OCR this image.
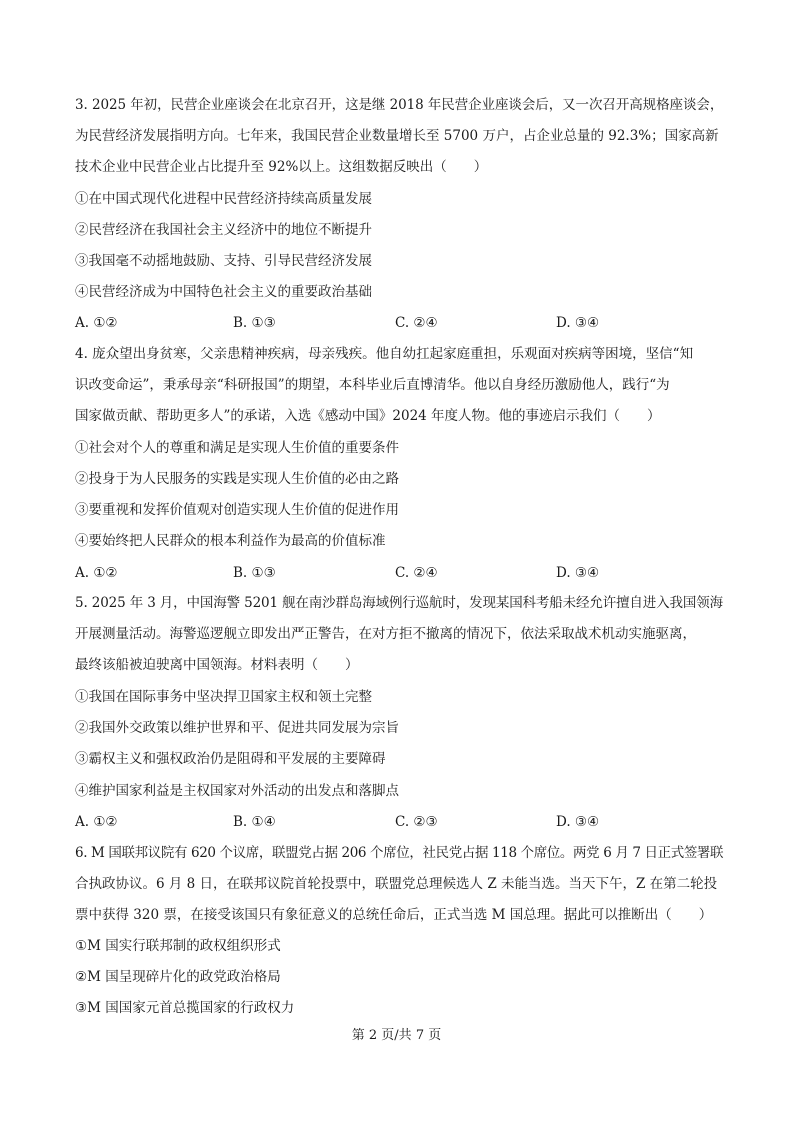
3. 2025 年初，民营企业座谈会在北京召开，这是继 2018 年民营企业座谈会后，又一次召开高规格座谈会，
为民营经济发展指明方向。七年来，我国民营企业数量增长至 5700 万户，占企业总量的 92.3%；国家高新
技术企业中民营企业占比提升至 92%以上。这组数据反映出（　　）
①在中国式现代化进程中民营经济持续高质量发展
②民营经济在我国社会主义经济中的地位不断提升
③我国毫不动摇地鼓励、支持、引导民营经济发展
④民营经济成为中国特色社会主义的重要政治基础
A. ①②	B. ①③	C. ②④	D. ③④
4. 庞众望出身贫寒，父亲患精神疾病，母亲残疾。他自幼扛起家庭重担，乐观面对疾病等困境，坚信“知
识改变命运”，秉承母亲“科研报国”的期望，本科毕业后直博清华。他以自身经历激励他人，践行“为
国家做贡献、帮助更多人”的承诺，入选《感动中国》2024 年度人物。他的事迹启示我们（　　）
①社会对个人的尊重和满足是实现人生价值的重要条件
②投身于为人民服务的实践是实现人生价值的必由之路
③要重视和发挥价值观对创造实现人生价值的促进作用
④要始终把人民群众的根本利益作为最高的价值标准
A. ①②	B. ①③	C. ②④	D. ③④
5. 2025 年 3 月，中国海警 5201 舰在南沙群岛海域例行巡航时，发现某国科考船未经允许擅自进入我国领海
开展测量活动。海警巡逻舰立即发出严正警告，在对方拒不撤离的情况下，依法采取战术机动实施驱离，
最终该船被迫驶离中国领海。材料表明（　　）
①我国在国际事务中坚决捍卫国家主权和领土完整
②我国外交政策以维护世界和平、促进共同发展为宗旨
③霸权主义和强权政治仍是阻碍和平发展的主要障碍
④维护国家利益是主权国家对外活动的出发点和落脚点
A. ①②	B. ①④	C. ②③	D. ③④
6. M 国联邦议院有 620 个议席，联盟党占据 206 个席位，社民党占据 118 个席位。两党 6 月 7 日正式签署联
合执政协议。6 月 8 日，在联邦议院首轮投票中，联盟党总理候选人 Z 未能当选。当天下午，Z 在第二轮投
票中获得 320 票，在接受该国只有象征意义的总统任命后，正式当选 M 国总理。据此可以推断出（　　）
①M 国实行联邦制的政权组织形式
②M 国呈现碎片化的政党政治格局
③M 国国家元首总揽国家的行政权力
第 2 页/共 7 页
